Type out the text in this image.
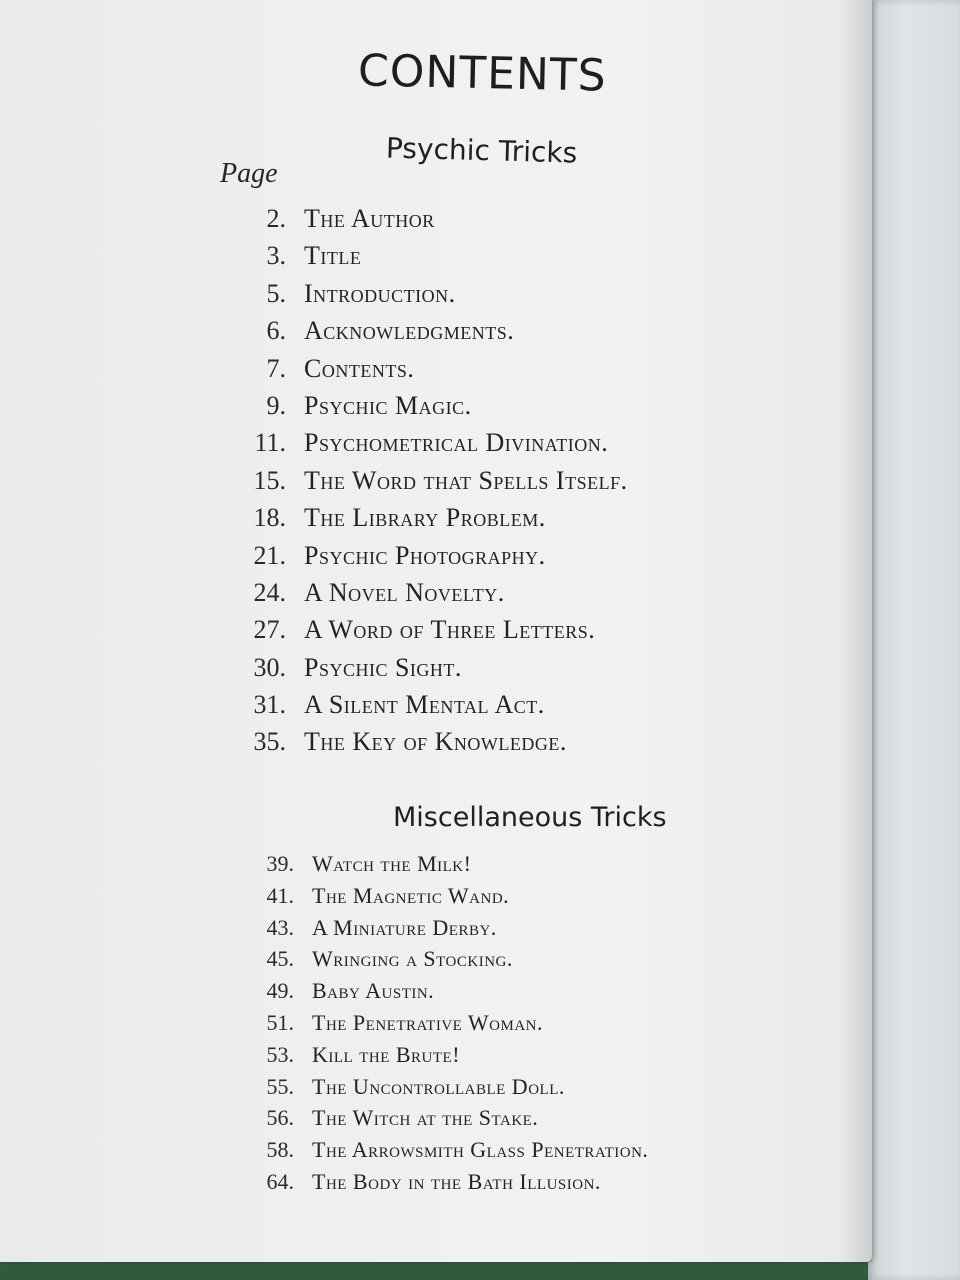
CONTENTS
Psychic Tricks
Page
2. The Author
3. Title
5. Introduction.
6. Acknowledgments.
7. Contents.
9. Psychic Magic.
11. Psychometrical Divination.
15. The Word that Spells Itself.
18. The Library Problem.
21. Psychic Photography.
24. A Novel Novelty.
27. A Word of Three Letters.
30. Psychic Sight.
31. A Silent Mental Act.
35. The Key of Knowledge.
Miscellaneous Tricks
39. Watch the Milk!
41. The Magnetic Wand.
43. A Miniature Derby.
45. Wringing a Stocking.
49. Baby Austin.
51. The Penetrative Woman.
53. Kill the Brute!
55. The Uncontrollable Doll.
56. The Witch at the Stake.
58. The Arrowsmith Glass Penetration.
64. The Body in the Bath Illusion.
